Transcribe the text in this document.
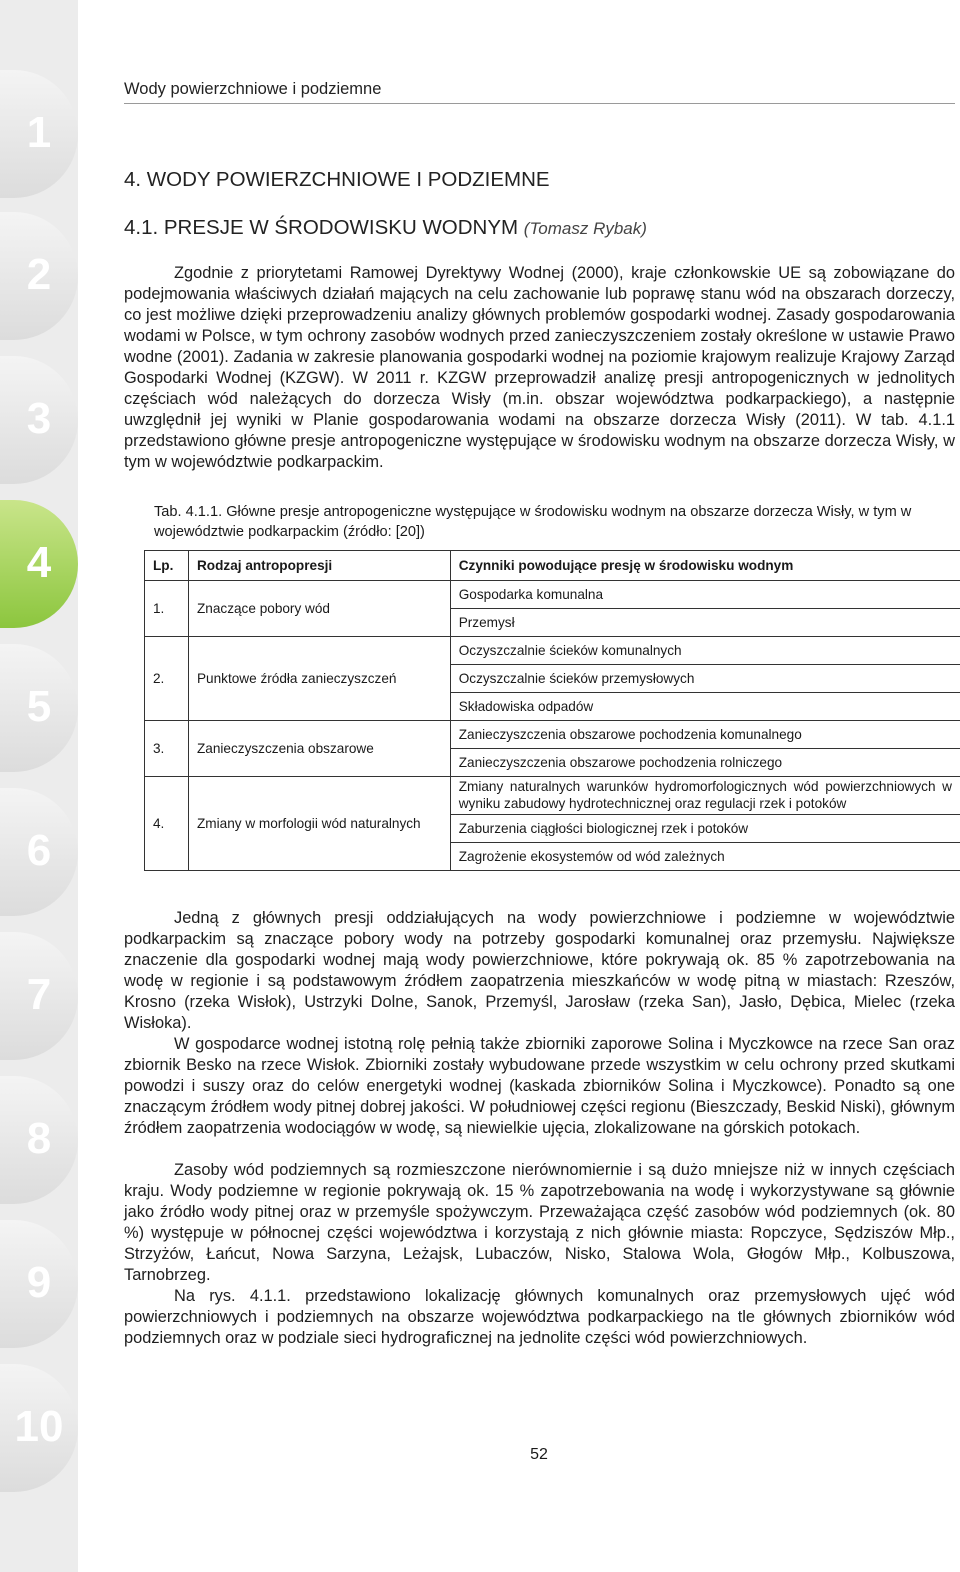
1
2
3
4
5
6
7
8
9
10
Wody powierzchniowe i podziemne
4. WODY POWIERZCHNIOWE I PODZIEMNE
4.1. PRESJE W ŚRODOWISKU WODNYM (Tomasz Rybak)

Zgodnie z priorytetami Ramowej Dyrektywy Wodnej (2000), kraje członkowskie UE są zobowiązane do podejmowania właściwych działań mających na celu zachowanie lub poprawę stanu wód na obszarach dorzeczy, co jest możliwe dzięki przeprowadzeniu analizy głównych problemów gospodarki wodnej. Zasady gospodarowania wodami w Polsce, w tym ochrony zasobów wodnych przed zanieczyszczeniem zostały określone w ustawie Prawo wodne (2001). Zadania w zakresie planowania gospodarki wodnej na poziomie krajowym realizuje Krajowy Zarząd Gospodarki Wodnej (KZGW). W 2011 r. KZGW przeprowadził analizę presji antropogenicznych w jednolitych częściach wód należących do dorzecza Wisły (m.in. obszar województwa podkarpackiego), a następnie uwzględnił jej wyniki w Planie gospodarowania wodami na obszarze dorzecza Wisły (2011). W tab. 4.1.1 przedstawiono główne presje antropogeniczne występujące w środowisku wodnym na obszarze dorzecza Wisły, w tym w województwie podkarpackim.

Tab. 4.1.1. Główne presje antropogeniczne występujące w środowisku wodnym na obszarze dorzecza Wisły, w tym w województwie podkarpackim (źródło: [20])

Lp.	Rodzaj antropopresji	Czynniki powodujące presję w środowisku wodnym
1.	Znaczące pobory wód	Gospodarka komunalna
		Przemysł
2.	Punktowe źródła zanieczyszczeń	Oczyszczalnie ścieków komunalnych
		Oczyszczalnie ścieków przemysłowych
		Składowiska odpadów
3.	Zanieczyszczenia obszarowe	Zanieczyszczenia obszarowe pochodzenia komunalnego
		Zanieczyszczenia obszarowe pochodzenia rolniczego
4.	Zmiany w morfologii wód naturalnych	Zmiany naturalnych warunków hydromorfologicznych wód powierzchniowych w wyniku zabudowy hydrotechnicznej oraz regulacji rzek i potoków
		Zaburzenia ciągłości biologicznej rzek i potoków
		Zagrożenie ekosystemów od wód zależnych

Jedną z głównych presji oddziałujących na wody powierzchniowe i podziemne w województwie podkarpackim są znaczące pobory wody na potrzeby gospodarki komunalnej oraz przemysłu. Największe znaczenie dla gospodarki wodnej mają wody powierzchniowe, które pokrywają ok. 85 % zapotrzebowania na wodę w regionie i są podstawowym źródłem zaopatrzenia mieszkańców w wodę pitną w miastach: Rzeszów, Krosno (rzeka Wisłok), Ustrzyki Dolne, Sanok, Przemyśl, Jarosław (rzeka San), Jasło, Dębica, Mielec (rzeka Wisłoka).

W gospodarce wodnej istotną rolę pełnią także zbiorniki zaporowe Solina i Myczkowce na rzece San oraz zbiornik Besko na rzece Wisłok. Zbiorniki zostały wybudowane przede wszystkim w celu ochrony przed skutkami powodzi i suszy oraz do celów energetyki wodnej (kaskada zbiorników Solina i Myczkowce). Ponadto są one znaczącym źródłem wody pitnej dobrej jakości. W południowej części regionu (Bieszczady, Beskid Niski), głównym źródłem zaopatrzenia wodociągów w wodę, są niewielkie ujęcia, zlokalizowane na górskich potokach.

Zasoby wód podziemnych są rozmieszczone nierównomiernie i są dużo mniejsze niż w innych częściach kraju. Wody podziemne w regionie pokrywają ok. 15 % zapotrzebowania na wodę i wykorzystywane są głównie jako źródło wody pitnej oraz w przemyśle spożywczym. Przeważająca część zasobów wód podziemnych (ok. 80 %) występuje w północnej części województwa i korzystają z nich głównie miasta: Ropczyce, Sędziszów Młp., Strzyżów, Łańcut, Nowa Sarzyna, Leżajsk, Lubaczów, Nisko, Stalowa Wola, Głogów Młp., Kolbuszowa, Tarnobrzeg.

Na rys. 4.1.1. przedstawiono lokalizację głównych komunalnych oraz przemysłowych ujęć wód powierzchniowych i podziemnych na obszarze województwa podkarpackiego na tle głównych zbiorników wód podziemnych oraz w podziale sieci hydrograficznej na jednolite części wód powierzchniowych.

52
